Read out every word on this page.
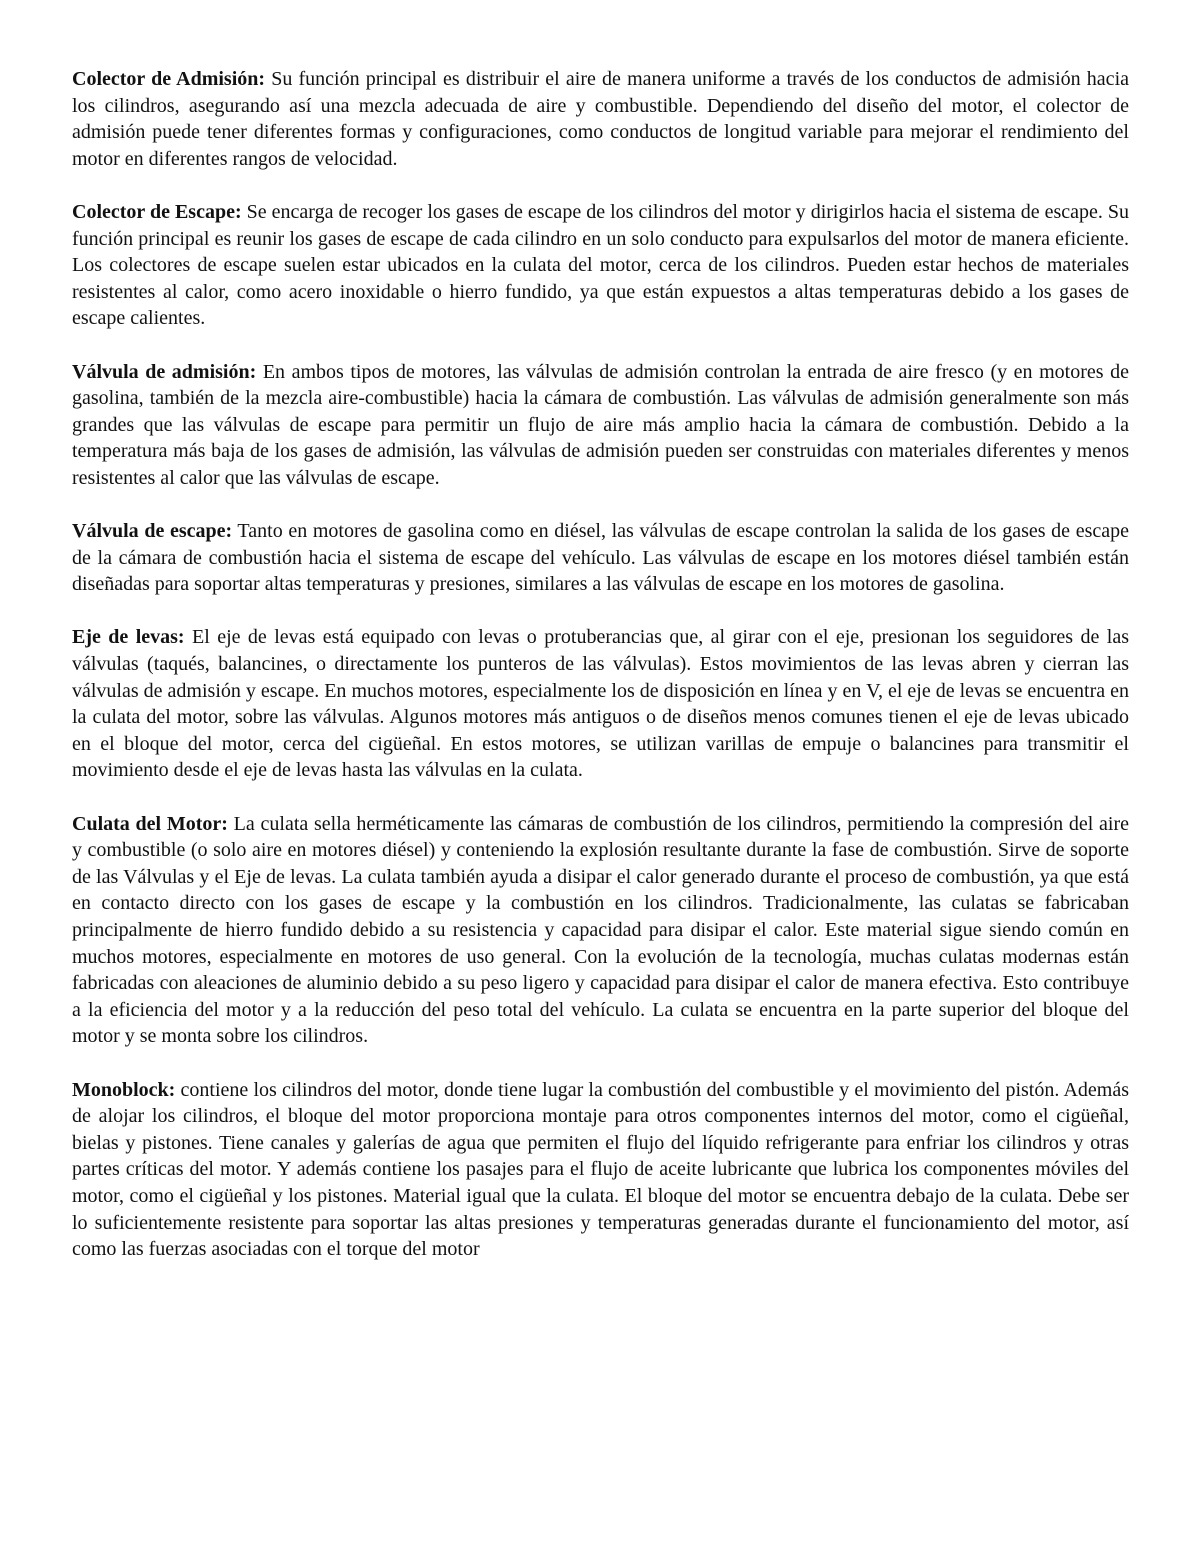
Colector de Admisión: Su función principal es distribuir el aire de manera uniforme a través de los conductos de admisión hacia los cilindros, asegurando así una mezcla adecuada de aire y combustible. Dependiendo del diseño del motor, el colector de admisión puede tener diferentes formas y configuraciones, como conductos de longitud variable para mejorar el rendimiento del motor en diferentes rangos de velocidad.

Colector de Escape: Se encarga de recoger los gases de escape de los cilindros del motor y dirigirlos hacia el sistema de escape. Su función principal es reunir los gases de escape de cada cilindro en un solo conducto para expulsarlos del motor de manera eficiente. Los colectores de escape suelen estar ubicados en la culata del motor, cerca de los cilindros. Pueden estar hechos de materiales resistentes al calor, como acero inoxidable o hierro fundido, ya que están expuestos a altas temperaturas debido a los gases de escape calientes.

Válvula de admisión: En ambos tipos de motores, las válvulas de admisión controlan la entrada de aire fresco (y en motores de gasolina, también de la mezcla aire-combustible) hacia la cámara de combustión. Las válvulas de admisión generalmente son más grandes que las válvulas de escape para permitir un flujo de aire más amplio hacia la cámara de combustión. Debido a la temperatura más baja de los gases de admisión, las válvulas de admisión pueden ser construidas con materiales diferentes y menos resistentes al calor que las válvulas de escape.

Válvula de escape: Tanto en motores de gasolina como en diésel, las válvulas de escape controlan la salida de los gases de escape de la cámara de combustión hacia el sistema de escape del vehículo. Las válvulas de escape en los motores diésel también están diseñadas para soportar altas temperaturas y presiones, similares a las válvulas de escape en los motores de gasolina.

Eje de levas: El eje de levas está equipado con levas o protuberancias que, al girar con el eje, presionan los seguidores de las válvulas (taqués, balancines, o directamente los punteros de las válvulas). Estos movimientos de las levas abren y cierran las válvulas de admisión y escape. En muchos motores, especialmente los de disposición en línea y en V, el eje de levas se encuentra en la culata del motor, sobre las válvulas. Algunos motores más antiguos o de diseños menos comunes tienen el eje de levas ubicado en el bloque del motor, cerca del cigüeñal. En estos motores, se utilizan varillas de empuje o balancines para transmitir el movimiento desde el eje de levas hasta las válvulas en la culata.

Culata del Motor: La culata sella herméticamente las cámaras de combustión de los cilindros, permitiendo la compresión del aire y combustible (o solo aire en motores diésel) y conteniendo la explosión resultante durante la fase de combustión. Sirve de soporte de las Válvulas y el Eje de levas. La culata también ayuda a disipar el calor generado durante el proceso de combustión, ya que está en contacto directo con los gases de escape y la combustión en los cilindros. Tradicionalmente, las culatas se fabricaban principalmente de hierro fundido debido a su resistencia y capacidad para disipar el calor. Este material sigue siendo común en muchos motores, especialmente en motores de uso general. Con la evolución de la tecnología, muchas culatas modernas están fabricadas con aleaciones de aluminio debido a su peso ligero y capacidad para disipar el calor de manera efectiva. Esto contribuye a la eficiencia del motor y a la reducción del peso total del vehículo. La culata se encuentra en la parte superior del bloque del motor y se monta sobre los cilindros.

Monoblock: contiene los cilindros del motor, donde tiene lugar la combustión del combustible y el movimiento del pistón. Además de alojar los cilindros, el bloque del motor proporciona montaje para otros componentes internos del motor, como el cigüeñal, bielas y pistones. Tiene canales y galerías de agua que permiten el flujo del líquido refrigerante para enfriar los cilindros y otras partes críticas del motor. Y además contiene los pasajes para el flujo de aceite lubricante que lubrica los componentes móviles del motor, como el cigüeñal y los pistones. Material igual que la culata. El bloque del motor se encuentra debajo de la culata. Debe ser lo suficientemente resistente para soportar las altas presiones y temperaturas generadas durante el funcionamiento del motor, así como las fuerzas asociadas con el torque del motor
